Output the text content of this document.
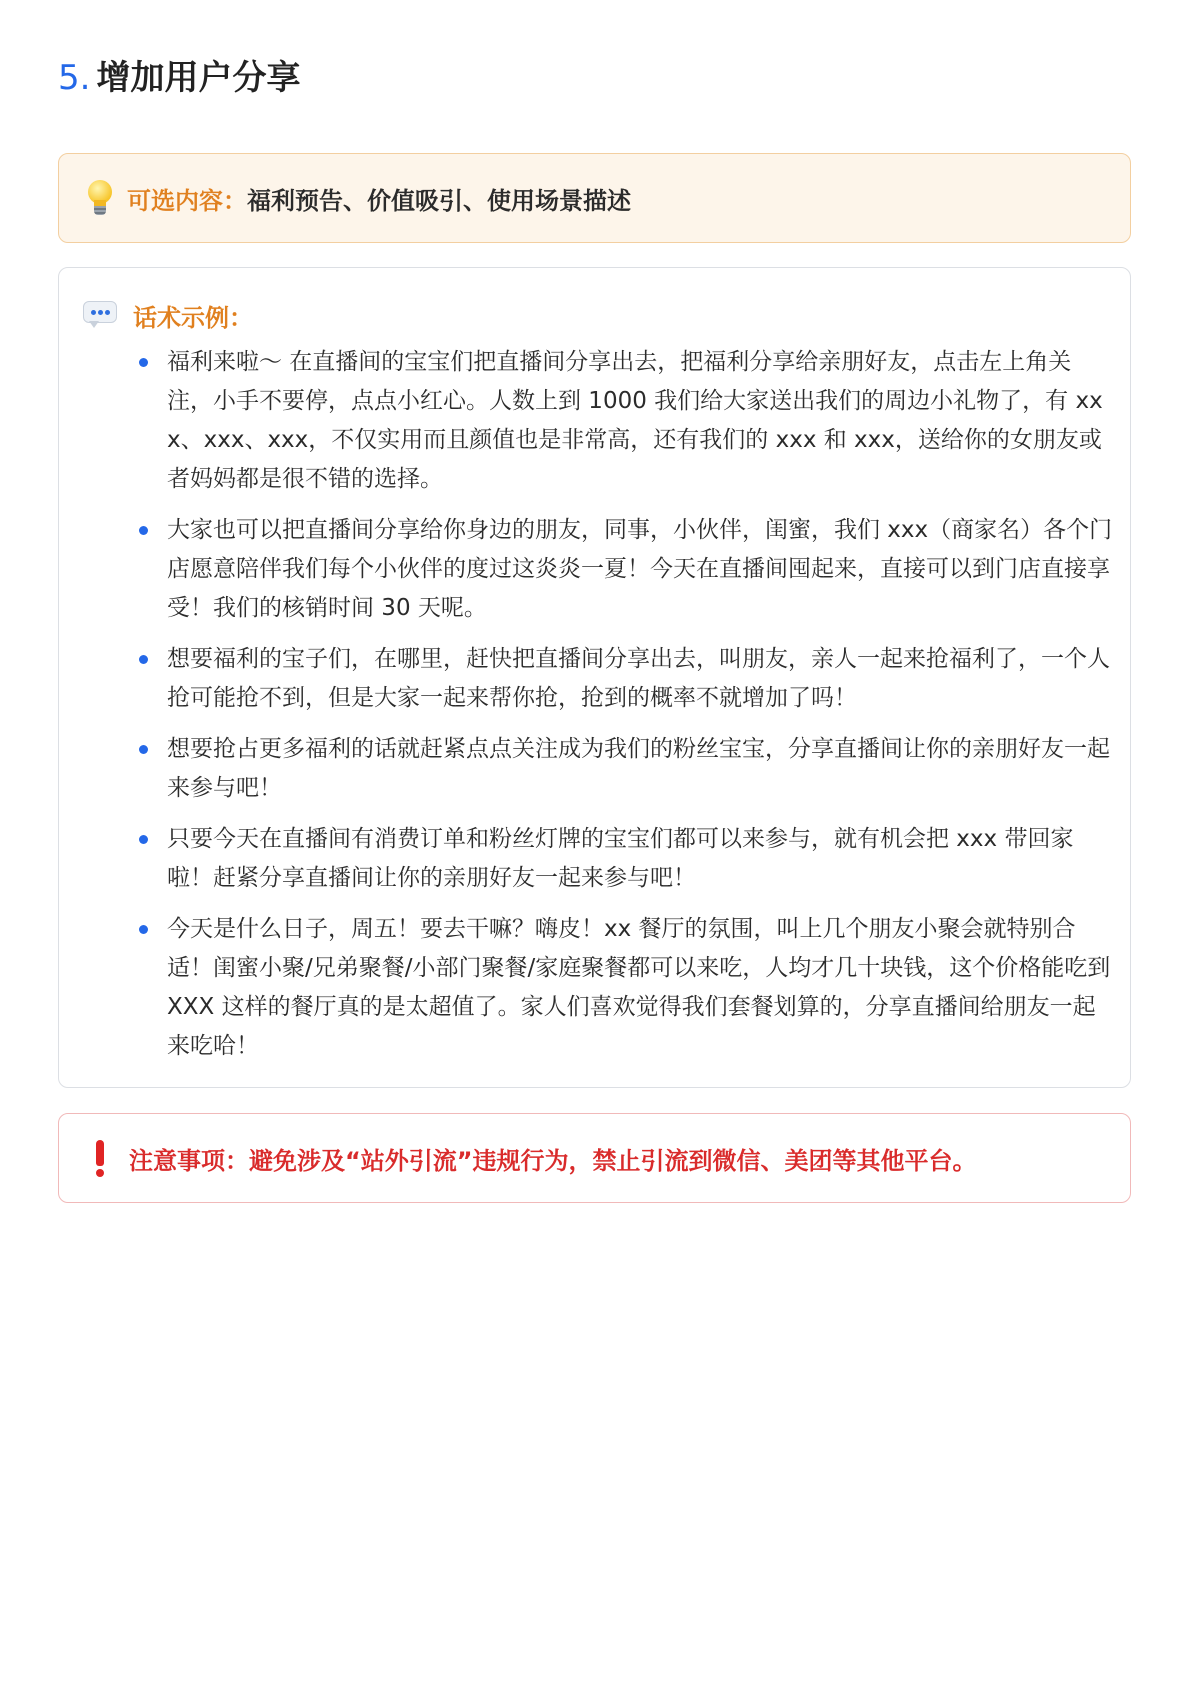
5. 增加用户分享
可选内容： 福利预告、价值吸引、使用场景描述
话术示例：
福利来啦～ 在直播间的宝宝们把直播间分享出去，把福利分享给亲朋好友，点击左上角关注，小手不要停，点点小红心。人数上到 1000 我们给大家送出我们的周边小礼物了，有 xxx、xxx、xxx，不仅实用而且颜值也是非常高，还有我们的 xxx 和 xxx，送给你的女朋友或者妈妈都是很不错的选择。
大家也可以把直播间分享给你身边的朋友，同事，小伙伴，闺蜜，我们 xxx（商家名）各个门店愿意陪伴我们每个小伙伴的度过这炎炎一夏！今天在直播间囤起来，直接可以到门店直接享受！我们的核销时间 30 天呢。
想要福利的宝子们，在哪里，赶快把直播间分享出去，叫朋友，亲人一起来抢福利了，一个人抢可能抢不到，但是大家一起来帮你抢，抢到的概率不就增加了吗！
想要抢占更多福利的话就赶紧点点关注成为我们的粉丝宝宝，分享直播间让你的亲朋好友一起来参与吧！
只要今天在直播间有消费订单和粉丝灯牌的宝宝们都可以来参与，就有机会把 xxx 带回家啦！赶紧分享直播间让你的亲朋好友一起来参与吧！
今天是什么日子，周五！要去干嘛？嗨皮！xx 餐厅的氛围，叫上几个朋友小聚会就特别合适！闺蜜小聚/兄弟聚餐/小部门聚餐/家庭聚餐都可以来吃，人均才几十块钱，这个价格能吃到 XXX 这样的餐厅真的是太超值了。家人们喜欢觉得我们套餐划算的，分享直播间给朋友一起来吃哈！
注意事项：避免涉及“站外引流”违规行为，禁止引流到微信、美团等其他平台。
